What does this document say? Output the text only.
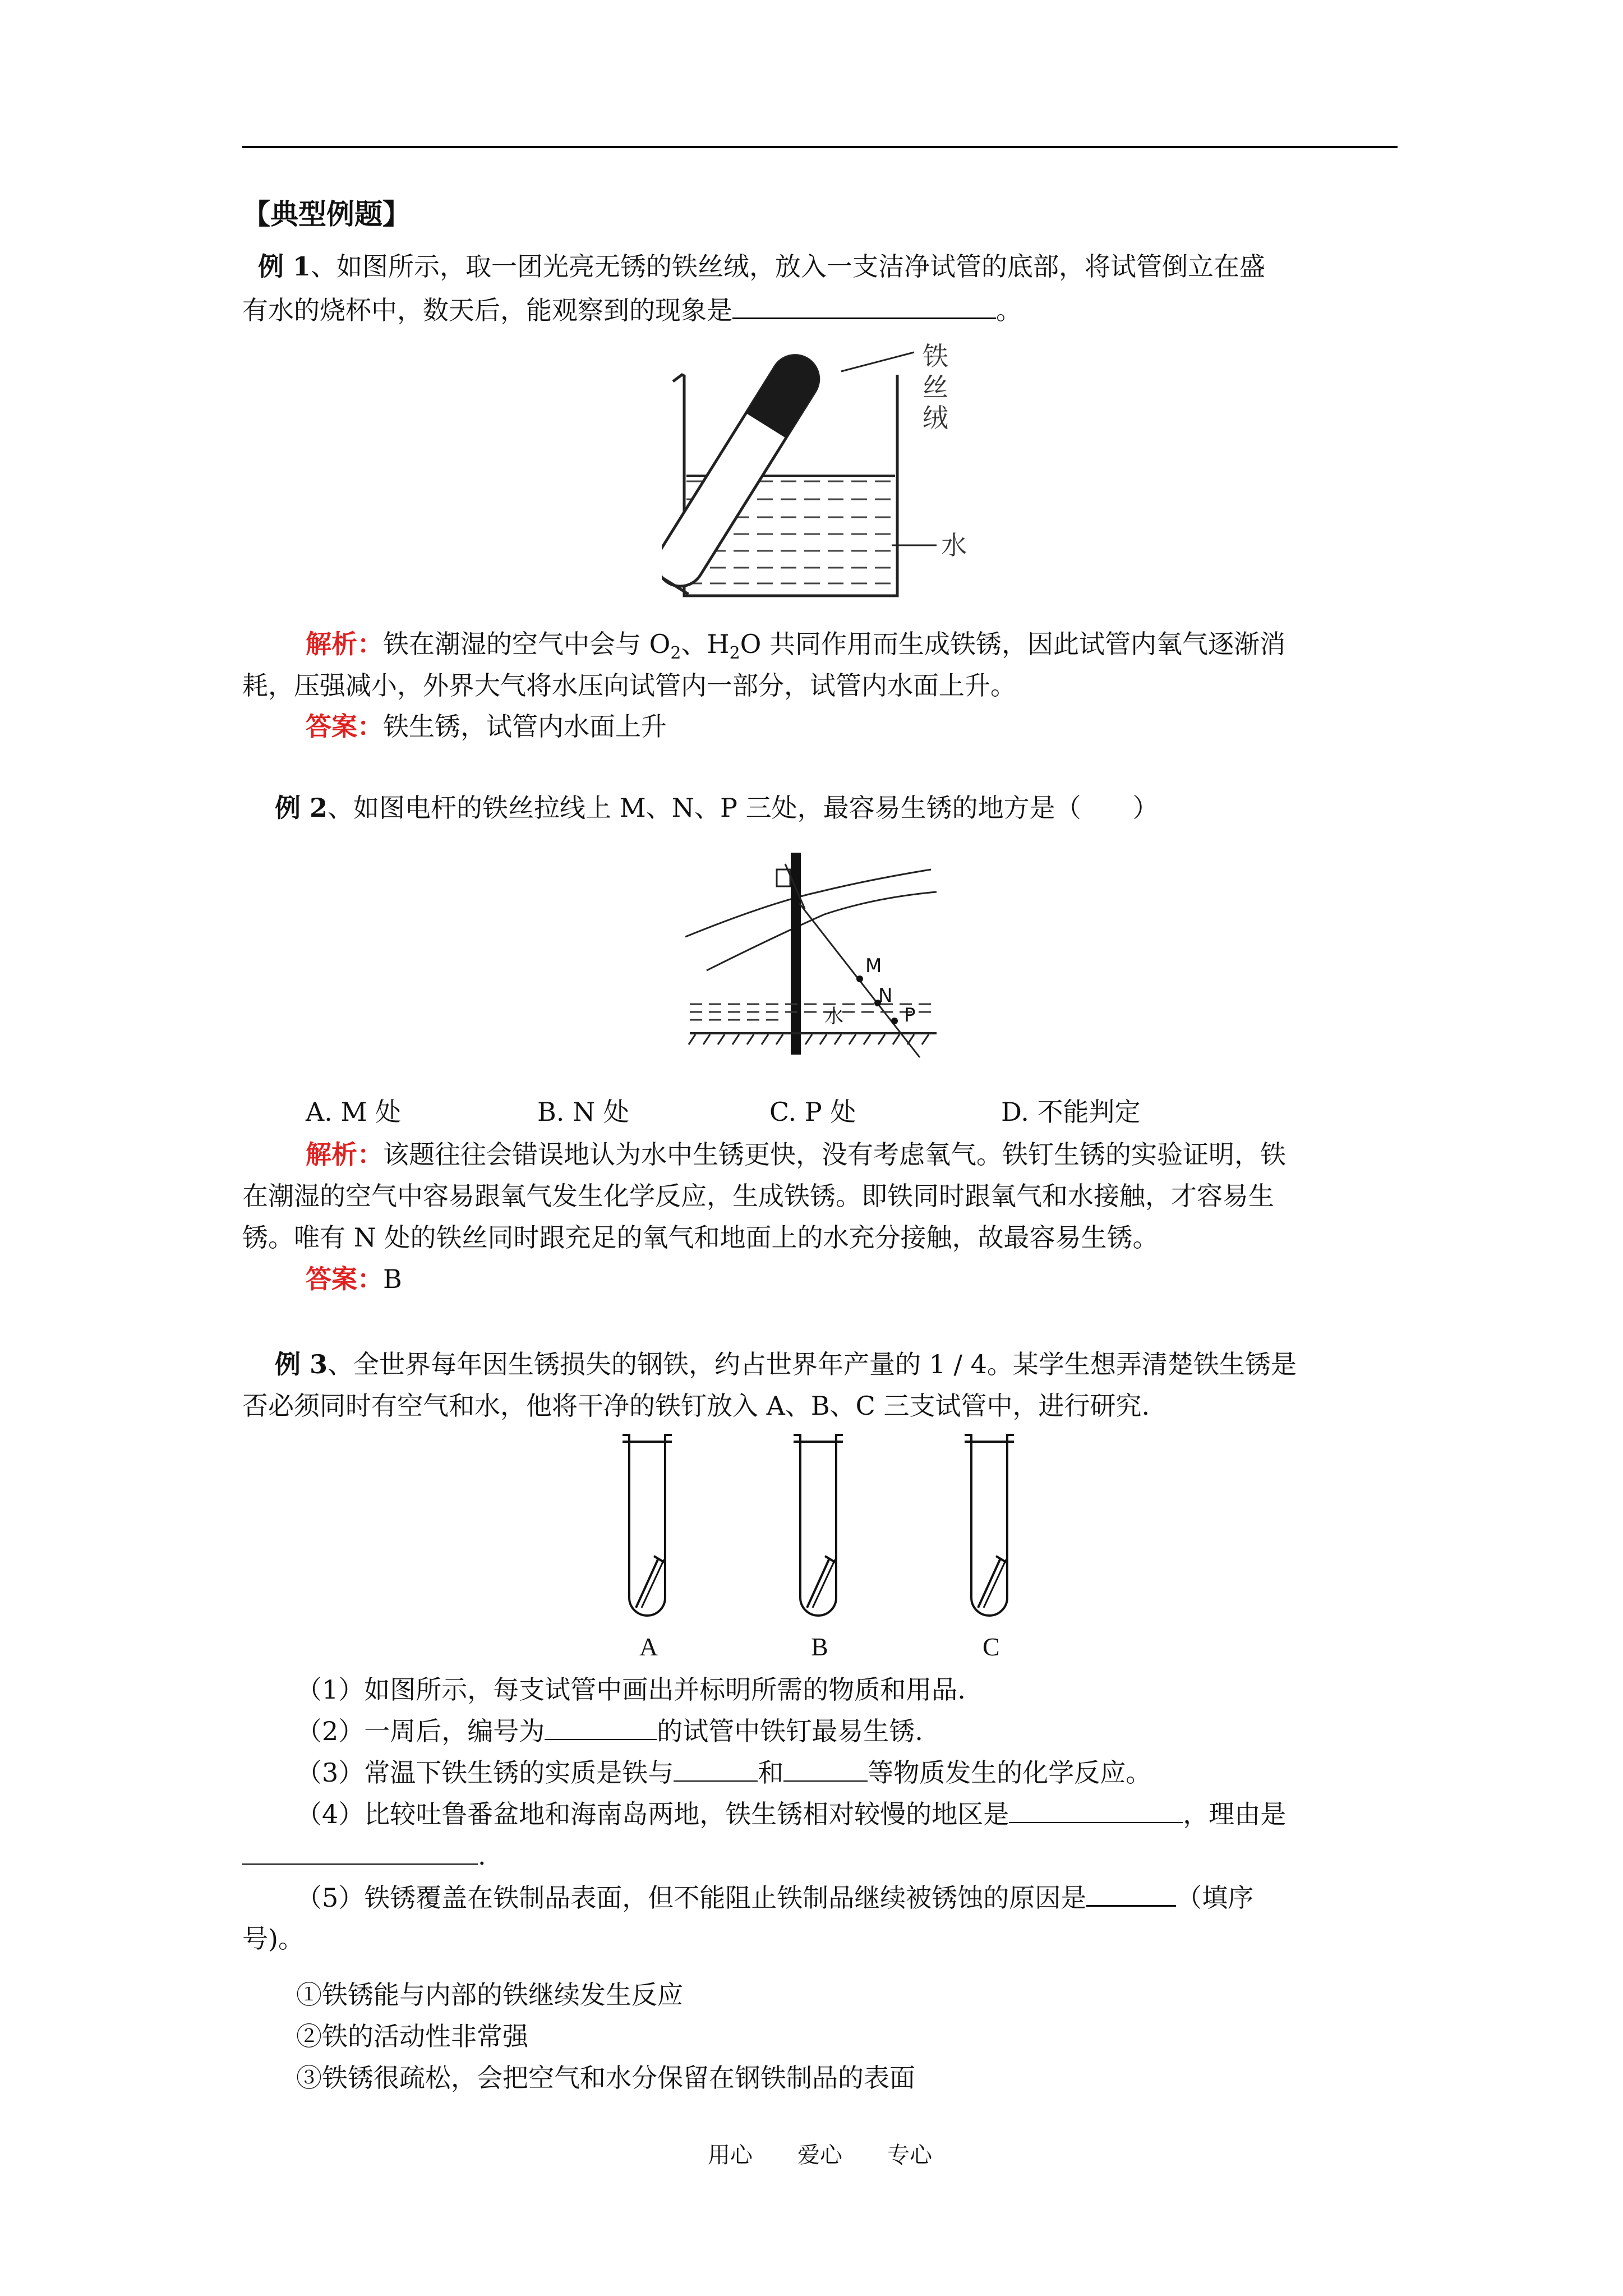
【典型例题】
例 1、如图所示，取一团光亮无锈的铁丝绒，放入一支洁净试管的底部，将试管倒立在盛
有水的烧杯中，数天后，能观察到的现象是	。
铁
丝
绒
水
解析：铁在潮湿的空气中会与 $O_2$、$H_2O$ 共同作用而生成铁锈，因此试管内氧气逐渐消
耗，压强减小，外界大气将水压向试管内一部分，试管内水面上升。
答案：铁生锈，试管内水面上升
例 2、如图电杆的铁丝拉线上 M、N、P 三处，最容易生锈的地方是（　　）
M
N
P
水
A. M 处	B. N 处	C. P 处	D. 不能判定
解析：该题往往会错误地认为水中生锈更快，没有考虑氧气。铁钉生锈的实验证明，铁
在潮湿的空气中容易跟氧气发生化学反应，生成铁锈。即铁同时跟氧气和水接触，才容易生
锈。唯有 N 处的铁丝同时跟充足的氧气和地面上的水充分接触，故最容易生锈。
答案：B
例 3、全世界每年因生锈损失的钢铁，约占世界年产量的 1 / 4。某学生想弄清楚铁生锈是
否必须同时有空气和水，他将干净的铁钉放入 A、B、C 三支试管中，进行研究.
A	B	C
（1）如图所示，每支试管中画出并标明所需的物质和用品.
（2）一周后，编号为	的试管中铁钉最易生锈.
（3）常温下铁生锈的实质是铁与	和	等物质发生的化学反应。
（4）比较吐鲁番盆地和海南岛两地，铁生锈相对较慢的地区是	，理由是
.
（5）铁锈覆盖在铁制品表面，但不能阻止铁制品继续被锈蚀的原因是	（填序
号)。
①铁锈能与内部的铁继续发生反应
②铁的活动性非常强
③铁锈很疏松，会把空气和水分保留在钢铁制品的表面
用心　　爱心　　专心
